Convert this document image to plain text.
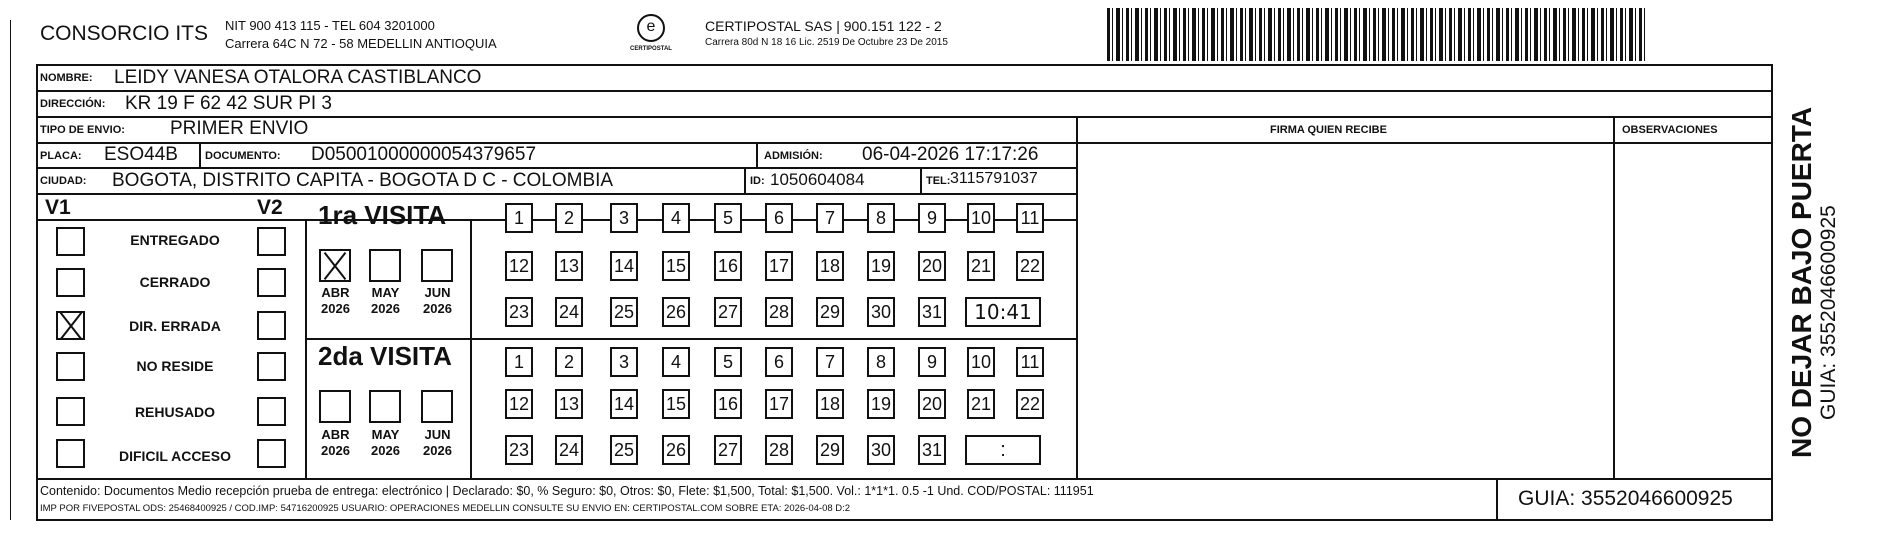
CONSORCIO ITS NIT 900 413 115 - TEL 604 3201000
Carrera 64C N 72 - 58 MEDELLIN ANTIOQUIA
e
CERTIPOSTAL
CERTIPOSTAL SAS | 900.151 122 - 2
Carrera 80d N 18 16 Lic. 2519 De Octubre 23 De 2015
NOMBRE: LEIDY VANESA OTALORA CASTIBLANCO
DIRECCIÓN: KR 19 F 62 42 SUR PI 3
TIPO DE ENVIO: PRIMER ENVIO	FIRMA QUIEN RECIBE	OBSERVACIONES
PLACA: ESO44B DOCUMENTO: D05001000000054379657	ADMISIÓN: 06-04-2026 17:17:26
CIUDAD: BOGOTA, DISTRITO CAPITA - BOGOTA D C - COLOMBIA	ID: 1050604084	TEL: 3115791037
V1	V2
ENTREGADO
CERRADO
DIR. ERRADA
NO RESIDE
REHUSADO
DIFICIL ACCESO
1ra VISITA
ABR
2026
MAY
2026
JUN
2026
1	2	3	4	5	6	7	8	9	10 11
12 13 14 15 16 17 18 19 20 21 22
23 24 25 26 27 28 29 30 31	10:41
2da VISITA
ABR
2026
MAY
2026
JUN
2026
1	2	3	4	5	6	7	8	9	10 11
12 13 14 15 16 17 18 19 20 21 22
23 24 25 26 27 28 29 30 31	:
Contenido: Documentos Medio recepción prueba de entrega: electrónico | Declarado: $0, % Seguro: $0, Otros: $0, Flete: $1,500, Total: $1,500. Vol.: 1*1*1. 0.5 -1 Und. COD/POSTAL: 111951
IMP POR FIVEPOSTAL ODS: 25468400925 / COD.IMP: 54716200925 USUARIO: OPERACIONES MEDELLIN CONSULTE SU ENVIO EN: CERTIPOSTAL.COM SOBRE ETA: 2026-04-08 D:2	GUIA: 3552046600925
NO DEJAR BAJO PUERTA GUIA: 3552046600925
